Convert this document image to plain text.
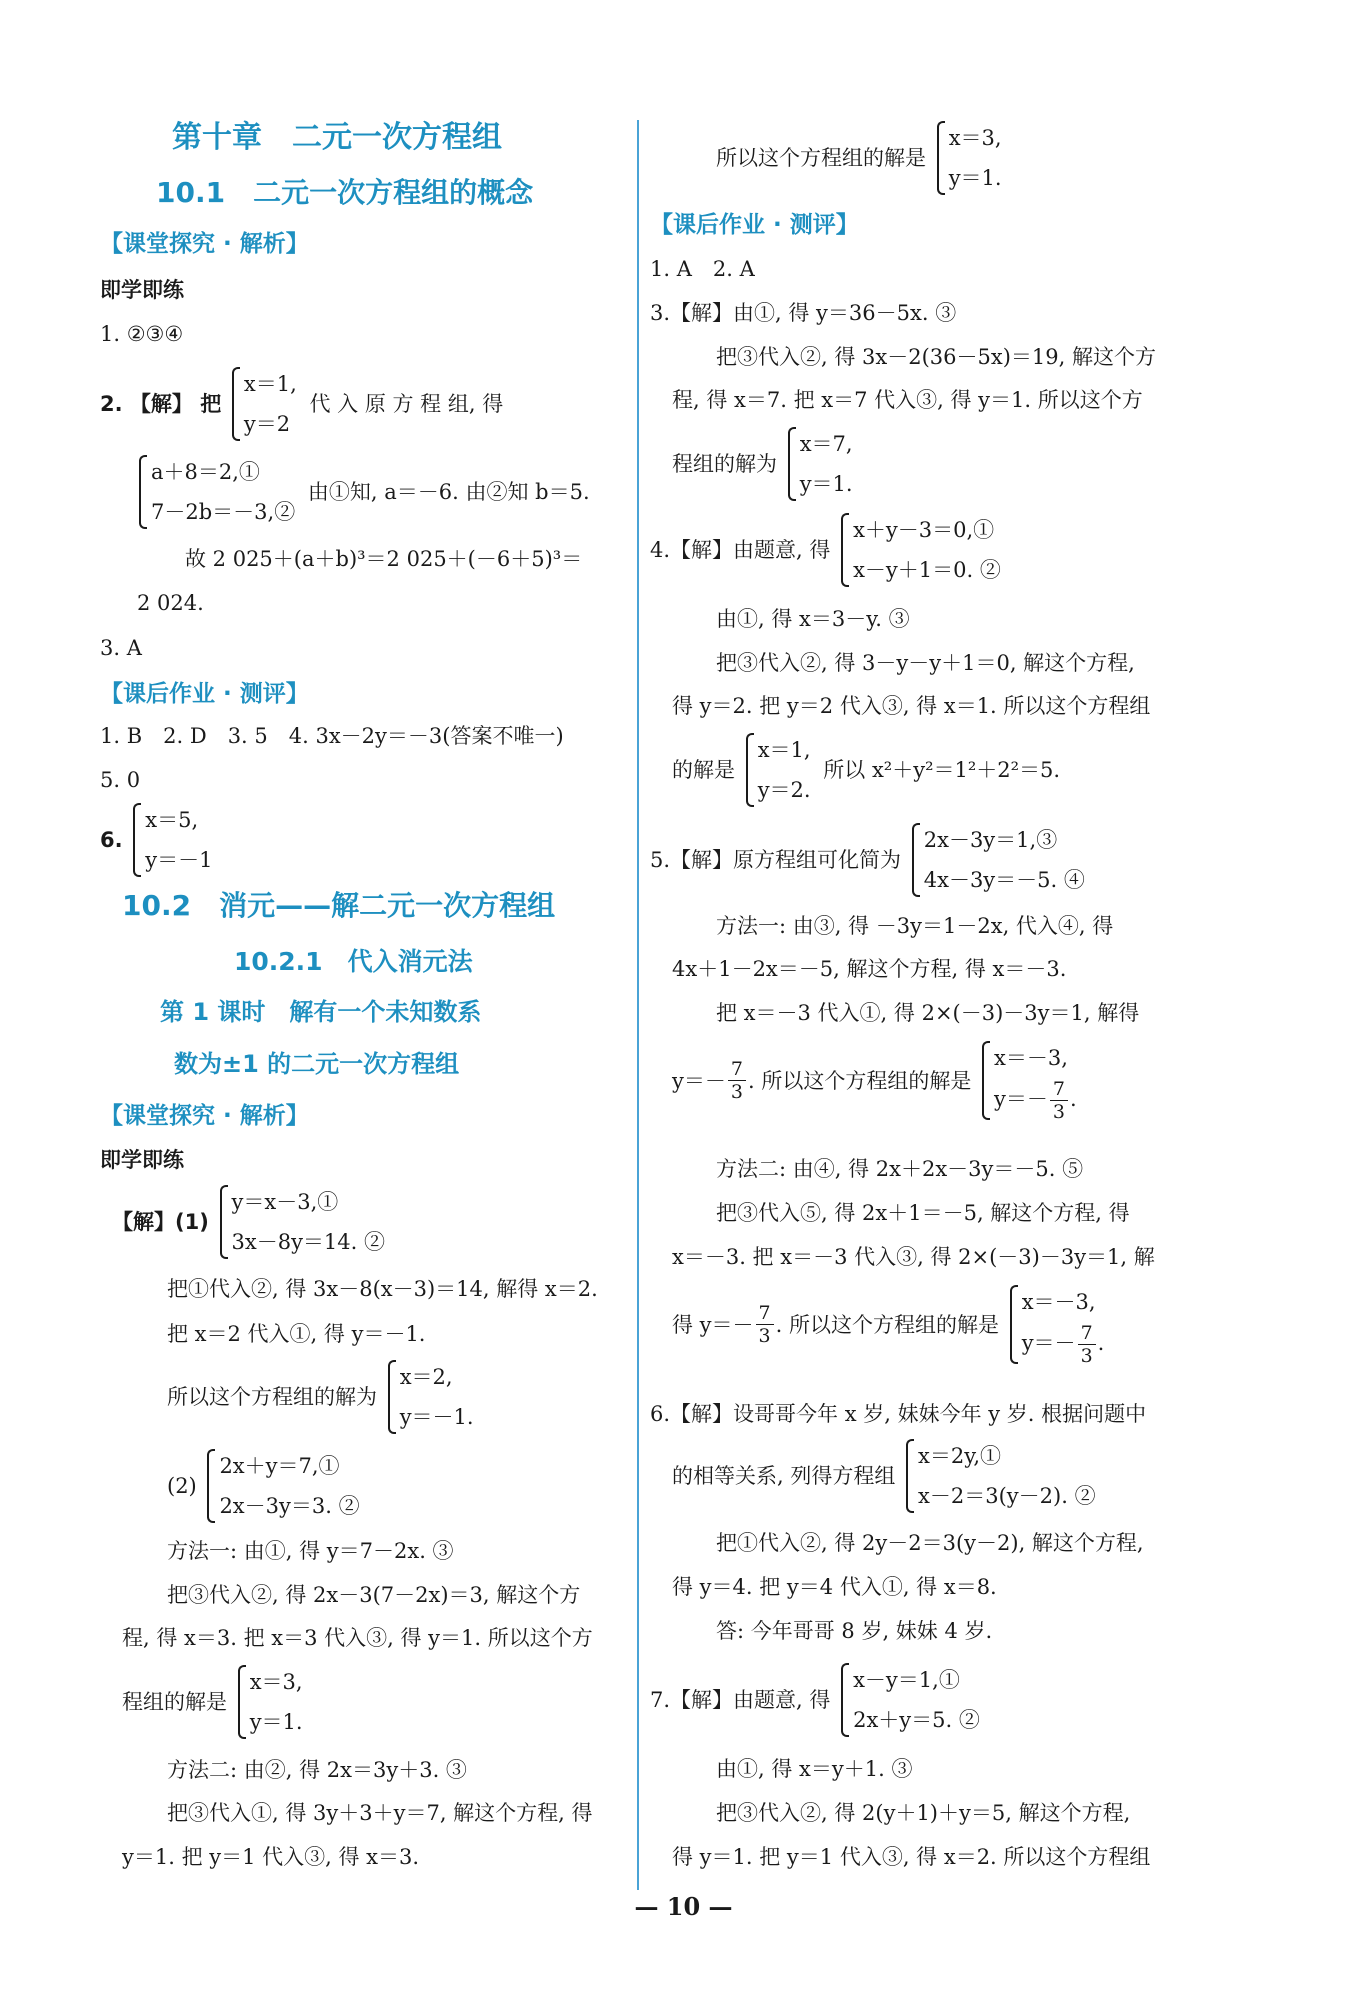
第十章　二元一次方程组
10.1　二元一次方程组的概念
【课堂探究 · 解析】
即学即练
1. ②③④
2. 【解】 把
x＝1,
y＝2
代 入 原 方 程 组, 得
a＋8＝2,①
7－2b＝－3,②
由①知, a＝－6. 由②知 b＝5.
故 2 025＋(a＋b)³＝2 025＋(－6＋5)³＝
2 024.
3. A
【课后作业 · 测评】
1. B　2. D　3. 5　4. 3x－2y＝－3(答案不唯一)
5. 0
6.
x＝5,
y＝－1
10.2　消元——解二元一次方程组
10.2.1　代入消元法
第 1 课时　解有一个未知数系
数为±1 的二元一次方程组
【课堂探究 · 解析】
即学即练
【解】(1)
y＝x－3,①
3x－8y＝14. ②
把①代入②, 得 3x－8(x－3)＝14, 解得 x＝2.
把 x＝2 代入①, 得 y＝－1.
所以这个方程组的解为
x＝2,
y＝－1.
(2)
2x＋y＝7,①
2x－3y＝3. ②
方法一: 由①, 得 y＝7－2x. ③
把③代入②, 得 2x－3(7－2x)＝3, 解这个方
程, 得 x＝3. 把 x＝3 代入③, 得 y＝1. 所以这个方
程组的解是
x＝3,
y＝1.
方法二: 由②, 得 2x＝3y＋3. ③
把③代入①, 得 3y＋3＋y＝7, 解这个方程, 得
y＝1. 把 y＝1 代入③, 得 x＝3.
所以这个方程组的解是
x＝3,
y＝1.
【课后作业 · 测评】
1. A　2. A
3.【解】由①, 得 y＝36－5x. ③
把③代入②, 得 3x－2(36－5x)＝19, 解这个方
程, 得 x＝7. 把 x＝7 代入③, 得 y＝1. 所以这个方
程组的解为
x＝7,
y＝1.
4.【解】由题意, 得
x＋y－3＝0,①
x－y＋1＝0. ②
由①, 得 x＝3－y. ③
把③代入②, 得 3－y－y＋1＝0, 解这个方程,
得 y＝2. 把 y＝2 代入③, 得 x＝1. 所以这个方程组
的解是
x＝1,
y＝2.
所以 x²＋y²＝1²＋2²＝5.
5.【解】原方程组可化简为
2x－3y＝1,③
4x－3y＝－5. ④
方法一: 由③, 得 －3y＝1－2x, 代入④, 得
4x＋1－2x＝－5, 解这个方程, 得 x＝－3.
把 x＝－3 代入①, 得 2×(－3)－3y＝1, 解得
$y=- \frac{7}{3}$ . 所以这个方程组的解是
x＝－3,
$y=- \frac{7}{3}$ .
方法二: 由④, 得 2x＋2x－3y＝－5. ⑤
把③代入⑤, 得 2x＋1＝－5, 解这个方程, 得
x＝－3. 把 x＝－3 代入③, 得 2×(－3)－3y＝1, 解
得 $y=- \frac{7}{3}$ . 所以这个方程组的解是
x＝－3,
$y=- \frac{7}{3}$ .
6.【解】设哥哥今年 x 岁, 妹妹今年 y 岁. 根据问题中
的相等关系, 列得方程组
x＝2y,①
x－2＝3(y－2). ②
把①代入②, 得 2y－2＝3(y－2), 解这个方程,
得 y＝4. 把 y＝4 代入①, 得 x＝8.
答: 今年哥哥 8 岁, 妹妹 4 岁.
7.【解】由题意, 得
x－y＝1,①
2x＋y＝5. ②
由①, 得 x＝y＋1. ③
把③代入②, 得 2(y＋1)＋y＝5, 解这个方程,
得 y＝1. 把 y＝1 代入③, 得 x＝2. 所以这个方程组
— 10 —
